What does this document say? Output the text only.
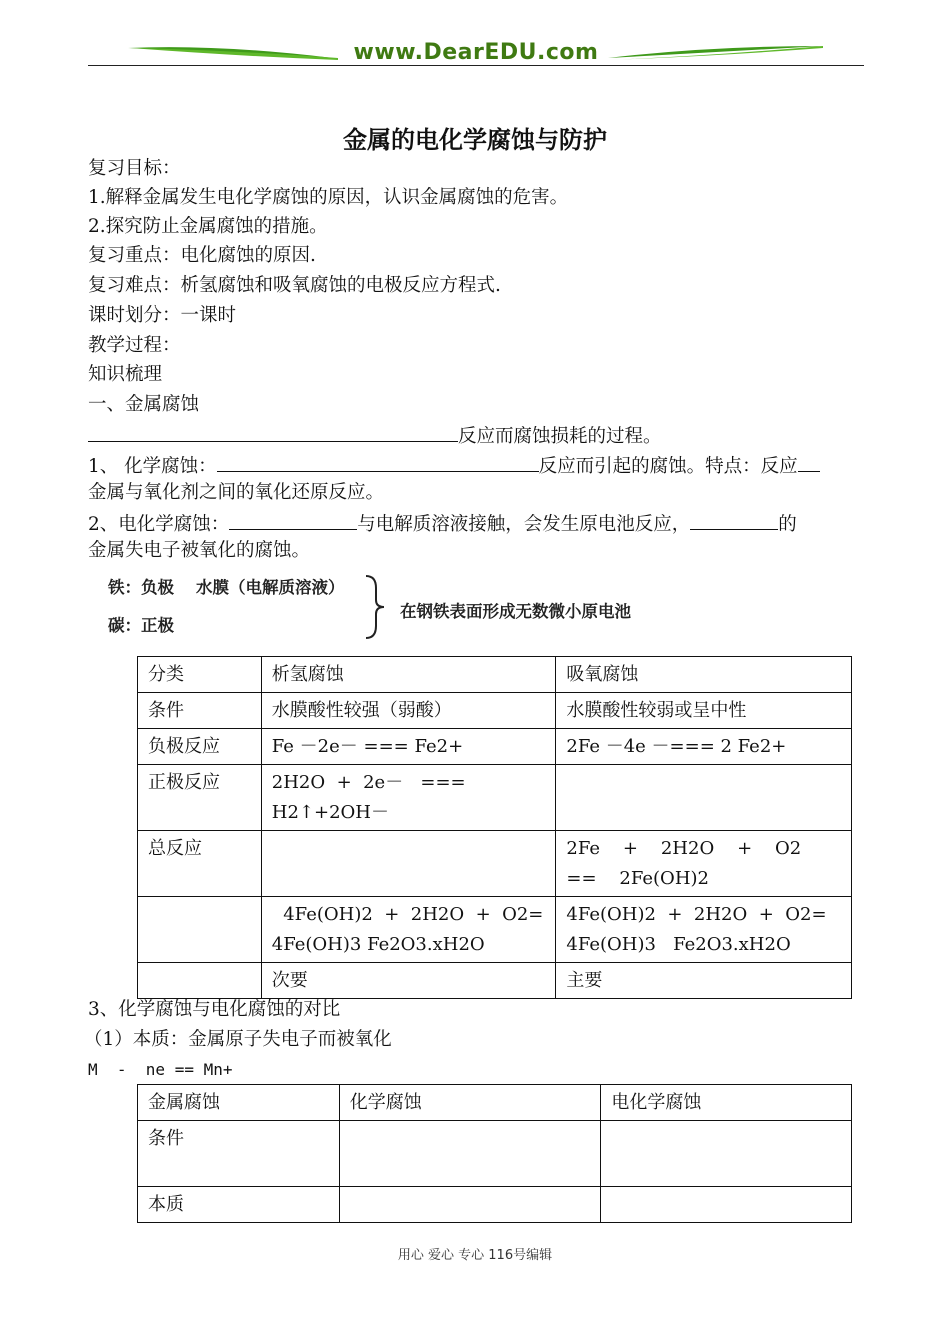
www.DearEDU.com
金属的电化学腐蚀与防护
复习目标：
1.解释金属发生电化学腐蚀的原因，认识金属腐蚀的危害。
2.探究防止金属腐蚀的措施。
复习重点：电化腐蚀的原因.
复习难点：析氢腐蚀和吸氧腐蚀的电极反应方程式.
课时划分：一课时
教学过程：
知识梳理
一、金属腐蚀
反应而腐蚀损耗的过程。
1、 化学腐蚀：	反应而引起的腐蚀。特点：反应
金属与氧化剂之间的氧化还原反应。
2、电化学腐蚀：	与电解质溶液接触，会发生原电池反应，	的
金属失电子被氧化的腐蚀。
铁：负极 水膜（电解质溶液）
碳：正极
在钢铁表面形成无数微小原电池
分类	析氢腐蚀	吸氧腐蚀
条件	水膜酸性较强（弱酸）	水膜酸性较弱或呈中性
负极反应	Fe －2e－ === Fe2+	2Fe －4e －=== 2 Fe2+
正极反应	2H2O  +  2e－   ===  H2↑+2OH－	
总反应		2Fe    +    2H2O    +    O2    ==    2Fe(OH)2
	4Fe(OH)2  +  2H2O  +  O2= 4Fe(OH)3 Fe2O3.xH2O	4Fe(OH)2  +  2H2O  +  O2= 4Fe(OH)3   Fe2O3.xH2O
	次要	主要
3、化学腐蚀与电化腐蚀的对比
（1）本质：金属原子失电子而被氧化
M  -  ne == Mn+
金属腐蚀	化学腐蚀	电化学腐蚀
条件		
本质		
用心 爱心 专心 116号编辑
